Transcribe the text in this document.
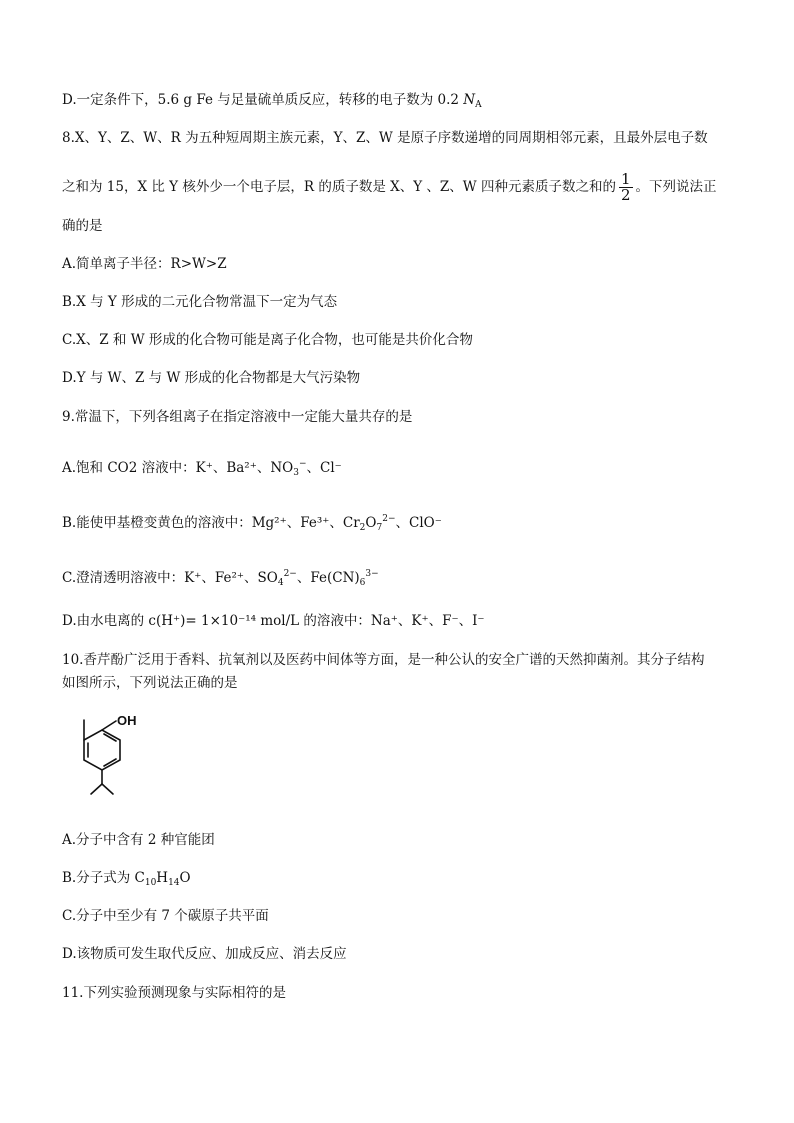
D.一定条件下，5.6 g Fe 与足量硫单质反应，转移的电子数为 0.2 $N_A$
8.X、Y、Z、W、R 为五种短周期主族元素，Y、Z、W 是原子序数递增的同周期相邻元素，且最外层电子数
之和为 15，X 比 Y 核外少一个电子层，R 的质子数是 X、Y 、Z、W 四种元素质子数之和的 $\frac{1}{2}$ 。下列说法正
确的是
A.简单离子半径：R>W>Z
B.X 与 Y 形成的二元化合物常温下一定为气态
C.X、Z 和 W 形成的化合物可能是离子化合物，也可能是共价化合物
D.Y 与 W、Z 与 W 形成的化合物都是大气污染物
9.常温下，下列各组离子在指定溶液中一定能大量共存的是
A.饱和 CO2 溶液中：K⁺、Ba²⁺、$NO_3^-$、Cl⁻
B.能使甲基橙变黄色的溶液中：Mg²⁺、Fe³⁺、$Cr_2O_7^{2-}$、ClO⁻
C.澄清透明溶液中：K⁺、Fe²⁺、$SO_4^{2-}$、$Fe(CN)_6^{3-}$
D.由水电离的 c(H⁺)= 1×10⁻¹⁴ mol/L 的溶液中：Na⁺、K⁺、F⁻、I⁻
10.香芹酚广泛用于香料、抗氧剂以及医药中间体等方面，是一种公认的安全广谱的天然抑菌剂。其分子结构
如图所示，下列说法正确的是
OH
A.分子中含有 2 种官能团
B.分子式为 $C_{10}H_{14}O$
C.分子中至少有 7 个碳原子共平面
D.该物质可发生取代反应、加成反应、消去反应
11.下列实验预测现象与实际相符的是
